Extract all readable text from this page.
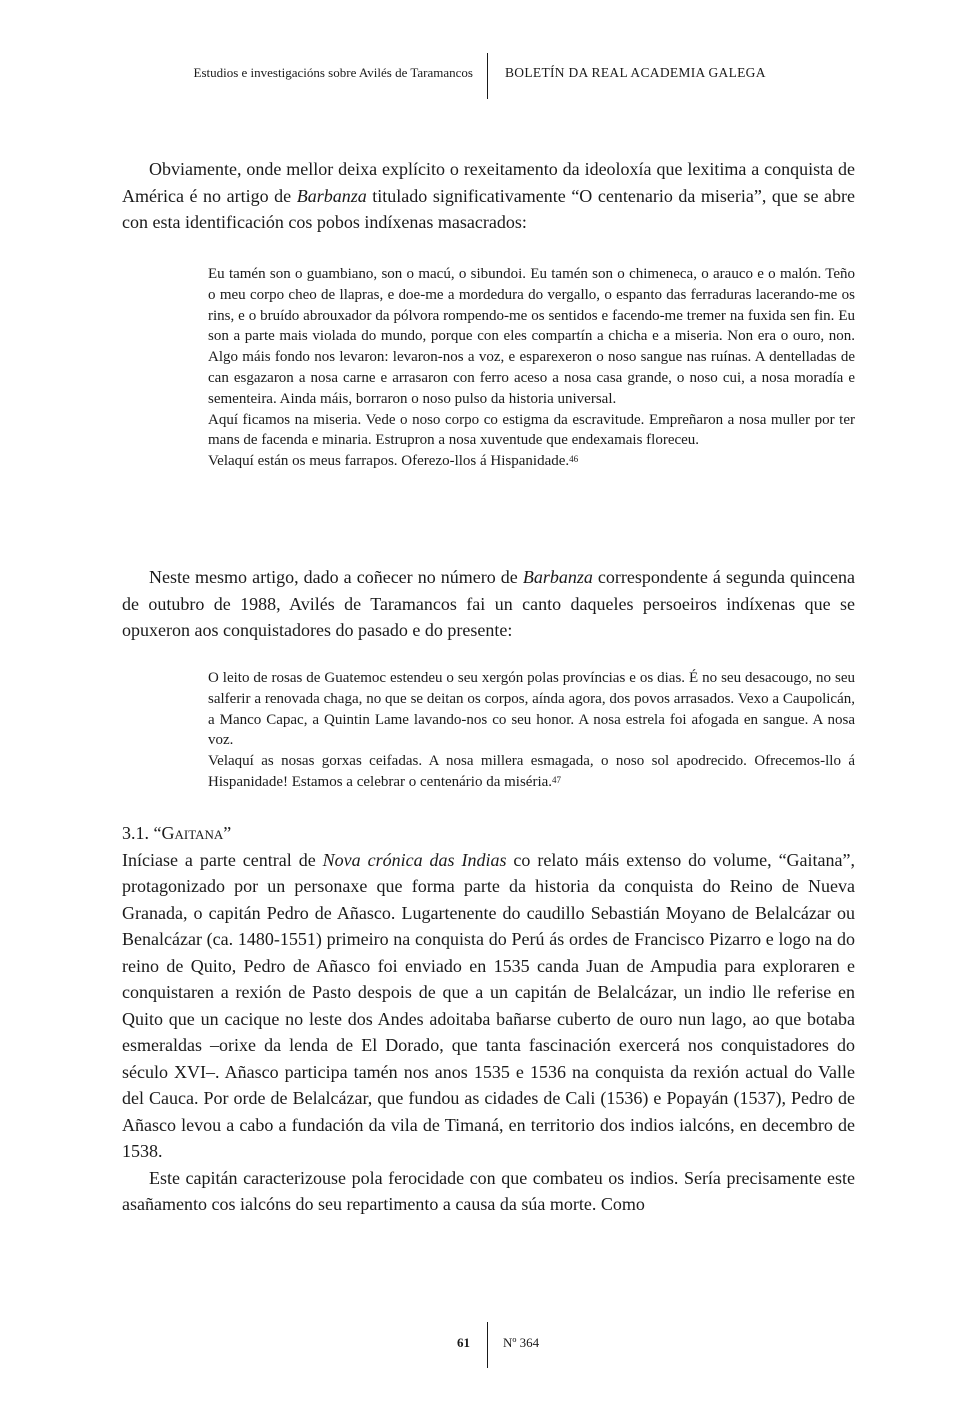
Estudios e investigacións sobre Avilés de Taramancos BOLETÍN DA REAL ACADEMIA GALEGA

Obviamente, onde mellor deixa explícito o rexeitamento da ideoloxía que lexitima a conquista de América é no artigo de Barbanza titulado significativamente “O centenario da miseria”, que se abre con esta identificación cos pobos indíxenas masacrados:

Eu tamén son o guambiano, son o macú, o sibundoi. Eu tamén son o chimeneca, o arauco e o malón. Teño o meu corpo cheo de llapras, e doe-me a mordedura do vergallo, o espanto das ferraduras lacerando-me os rins, e o bruído abrouxador da pólvora rompendo-me os sentidos e facendo-me tremer na fuxida sen fin. Eu son a parte mais violada do mundo, porque con eles compartín a chicha e a miseria. Non era o ouro, non. Algo máis fondo nos levaron: levaron-nos a voz, e esparexeron o noso sangue nas ruínas. A dentelladas de can esgazaron a nosa carne e arrasaron con ferro aceso a nosa casa grande, o noso cui, a nosa moradía e sementeira. Ainda máis, borraron o noso pulso da historia universal.

Aquí ficamos na miseria. Vede o noso corpo co estigma da escravitude. Empreñaron a nosa muller por ter mans de facenda e minaria. Estrupron a nosa xuventude que endexamais floreceu.

Velaquí están os meus farrapos. Oferezo-llos á Hispanidade.$^{46}$

Neste mesmo artigo, dado a coñecer no número de Barbanza correspondente á segunda quincena de outubro de 1988, Avilés de Taramancos fai un canto daqueles persoeiros indíxenas que se opuxeron aos conquistadores do pasado e do presente:

O leito de rosas de Guatemoc estendeu o seu xergón polas províncias e os dias. É no seu desacougo, no seu salferir a renovada chaga, no que se deitan os corpos, aínda agora, dos povos arrasados. Vexo a Caupolicán, a Manco Capac, a Quintin Lame lavando-nos co seu honor. A nosa estrela foi afogada en sangue. A nosa voz.

Velaquí as nosas gorxas ceifadas. A nosa millera esmagada, o noso sol apodrecido. Ofrecemos-llo á Hispanidade! Estamos a celebrar o centenário da miséria.$^{47}$

3.1. “Gaitana”

Iníciase a parte central de Nova crónica das Indias co relato máis extenso do volume, “Gaitana”, protagonizado por un personaxe que forma parte da historia da conquista do Reino de Nueva Granada, o capitán Pedro de Añasco. Lugartenente do caudillo Sebastián Moyano de Belalcázar ou Benalcázar (ca. 1480-1551) primeiro na conquista do Perú ás ordes de Francisco Pizarro e logo na do reino de Quito, Pedro de Añasco foi enviado en 1535 canda Juan de Ampudia para exploraren e conquistaren a rexión de Pasto despois de que a un capitán de Belalcázar, un indio lle referise en Quito que un cacique no leste dos Andes adoitaba bañarse cuberto de ouro nun lago, ao que botaba esmeraldas –orixe da lenda de El Dorado, que tanta fascinación exercerá nos conquistadores do século XVI–. Añasco participa tamén nos anos 1535 e 1536 na conquista da rexión actual do Valle del Cauca. Por orde de Belalcázar, que fundou as cidades de Cali (1536) e Popayán (1537), Pedro de Añasco levou a cabo a fundación da vila de Timaná, en territorio dos indios ialcóns, en decembro de 1538.

Este capitán caracterizouse pola ferocidade con que combateu os indios. Sería precisamente este asañamento cos ialcóns do seu repartimento a causa da súa morte. Como

61	Nº 364
